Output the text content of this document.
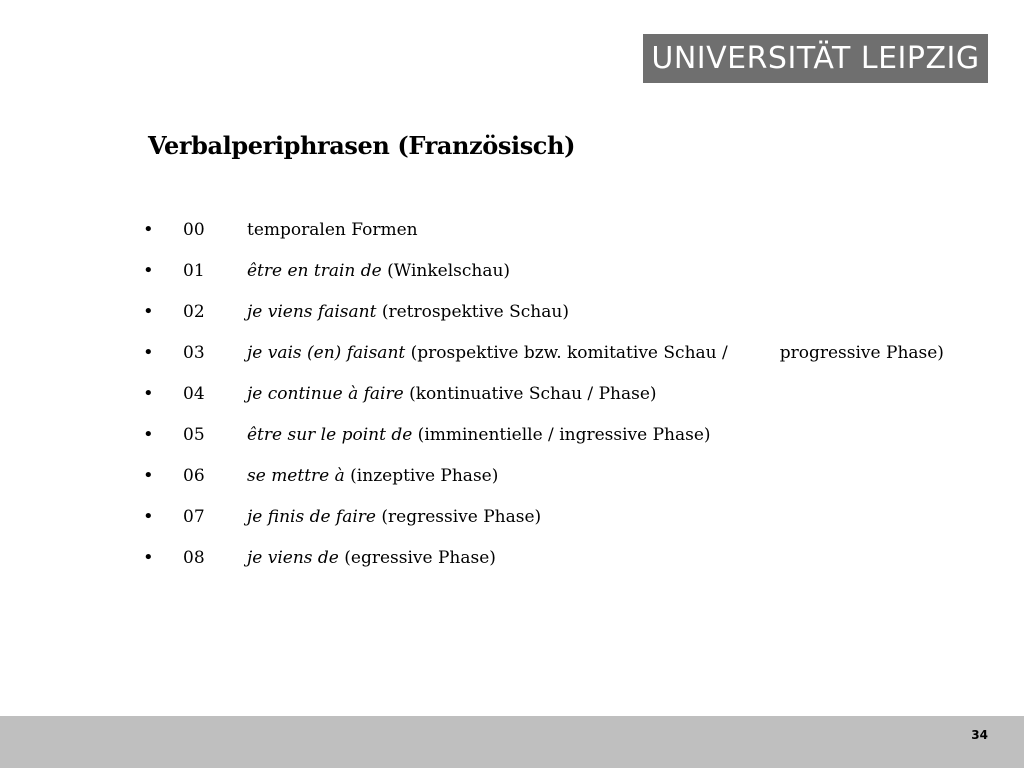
UNIVERSITÄT LEIPZIG
Verbalperiphrasen (Französisch)
• 00 temporalen Formen
• 01 être en train de (Winkelschau)
• 02 je viens faisant (retrospektive Schau)
• 03 je vais (en) faisant (prospektive bzw. komitative Schau /	progressive Phase)
• 04 je continue à faire (kontinuative Schau / Phase)
• 05 être sur le point de (imminentielle / ingressive Phase)
• 06 se mettre à (inzeptive Phase)
• 07 je finis de faire (regressive Phase)
• 08 je viens de (egressive Phase)
34
